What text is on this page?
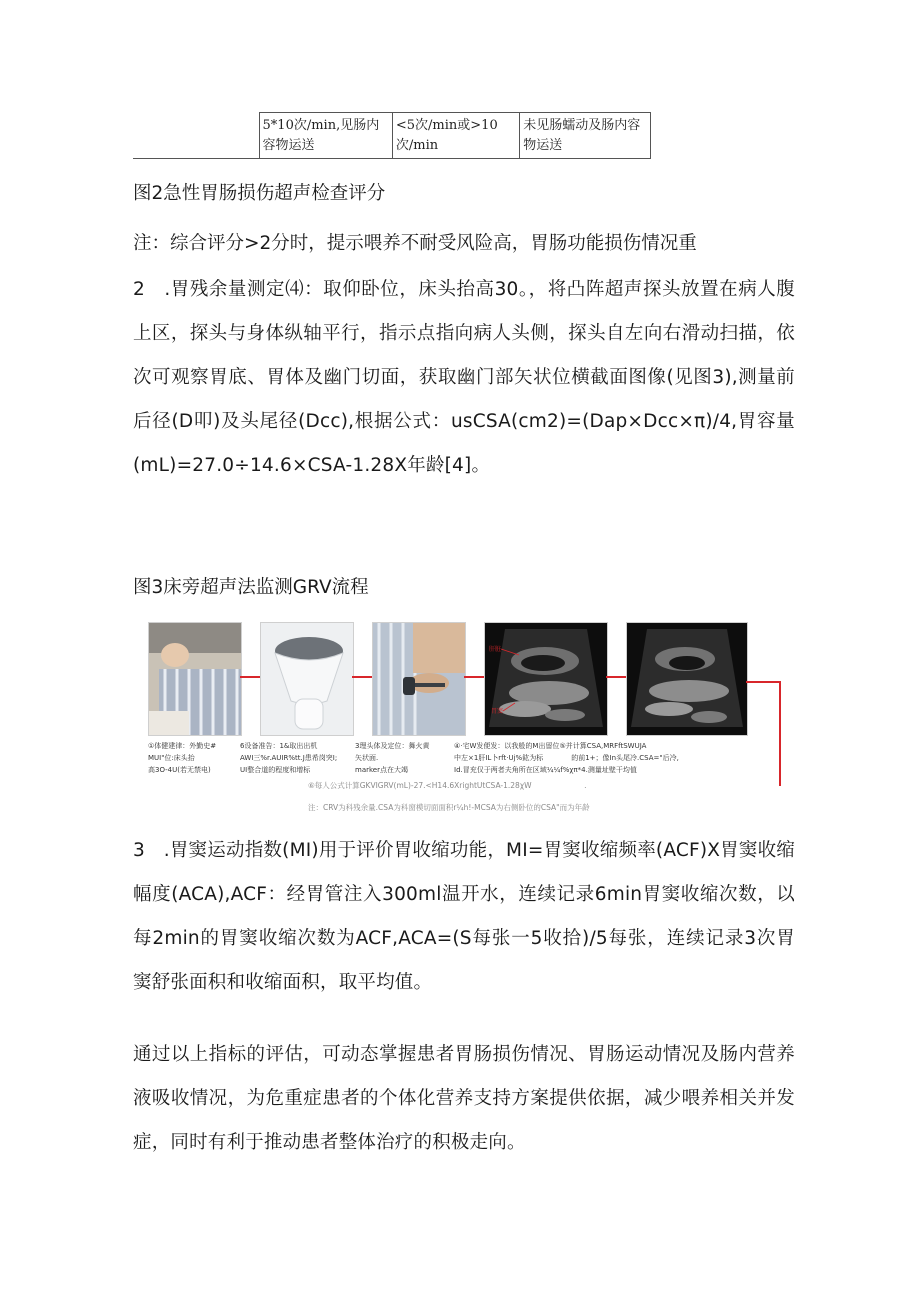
	5*10次/min,见肠内容物运送	<5次/min或>10次/min	未见肠蠕动及肠内容物运送

图2急性胃肠损伤超声检查评分

注：综合评分>2分时，提示喂养不耐受风险高，胃肠功能损伤情况重

2　.胃残余量测定⑷：取仰卧位，床头抬高30。，将凸阵超声探头放置在病人腹上区，探头与身体纵轴平行，指示点指向病人头侧，探头自左向右滑动扫描，依次可观察胃底、胃体及幽门切面，获取幽门部矢状位横截面图像(见图3),测量前后径(D叩)及头尾径(Dcc),根据公式：usCSA(cm2)=(Dap×Dcc×π)/4,胃容量(mL)=27.0÷14.6×CSA-1.28X年龄[4]。

图3床旁超声法监测GRV流程

肝脏
胃窦
①体健建律：外勤史#
MUI"位:床头抬
高3O-4U(若无禁电)
6设备准告：1&取出出机
AWI三%r.AUIR%tt.J患希岗突I;
UI整合道的程度和增标
3理头体及定位：舞火黄
矢状面.
marker点在大竭
④·宅W发便发：以我般的M出留位⑤并计算CSA,MRFftSWUJA
中左×1肝IL卜rft·Uj%鈜为标　　　　的前1+；像In头尾冷.CSA="后冷,
Id.冒充仅于两者夫角所在区域¼¼f%χπ*4.测量址壁干均值
⑥每人公式计算GKVIGRV(mL)-27.<H14.6XrightUtCSA-1.28χW　　　　　　　.
注：CRV为科残余量.CSA为科窗模切面面积r¼h!-MCSA为右侧卧位的CSA"而为年龄

3　.胃窦运动指数(MI)用于评价胃收缩功能，MI=胃窦收缩频率(ACF)X胃窦收缩幅度(ACA),ACF：经胃管注入300ml温开水，连续记录6min胃窦收缩次数，以每2min的胃窦收缩次数为ACF,ACA=(S每张一5收拾)/5每张，连续记录3次胃窦舒张面积和收缩面积，取平均值。

通过以上指标的评估，可动态掌握患者胃肠损伤情况、胃肠运动情况及肠内营养液吸收情况，为危重症患者的个体化营养支持方案提供依据，减少喂养相关并发症，同时有利于推动患者整体治疗的积极走向。
